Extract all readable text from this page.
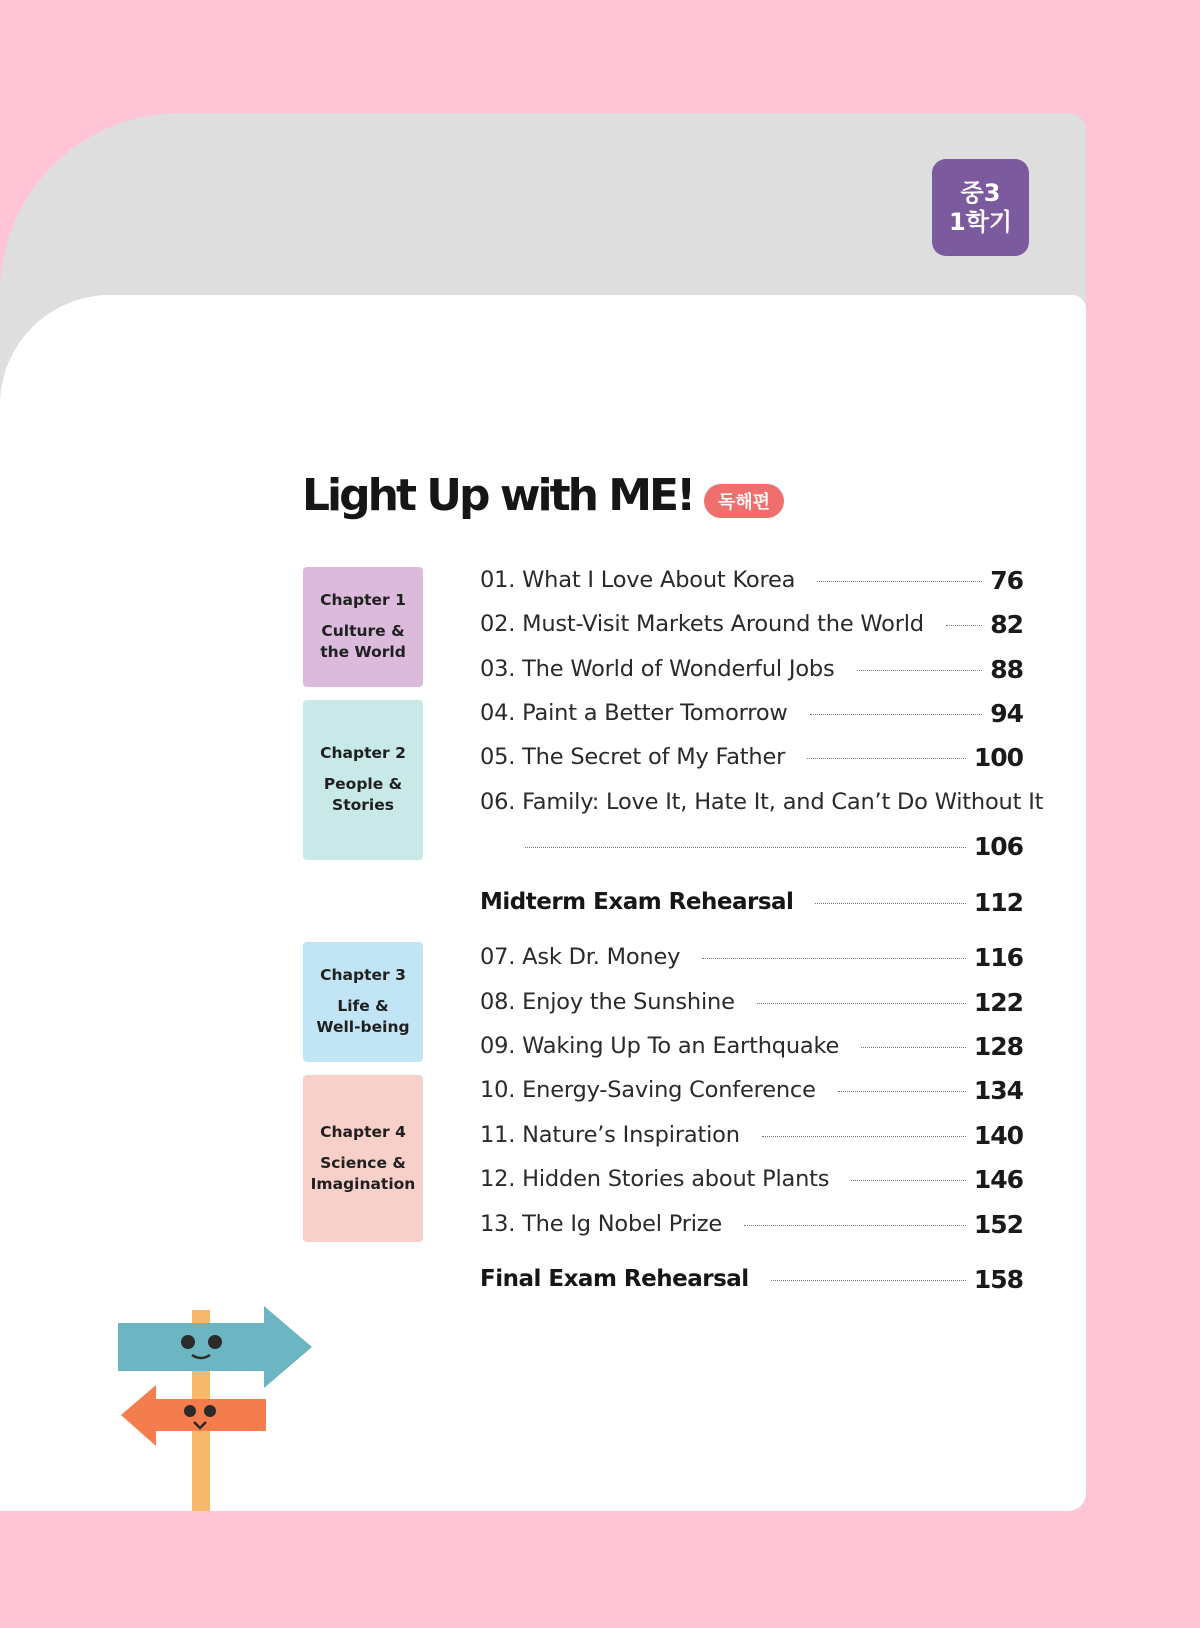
중3
1학기
Light Up with ME!	독해편
Chapter 1
Culture &
the World
Chapter 2
People &
Stories
Chapter 3
Life &
Well-being
Chapter 4
Science &
Imagination
01. What I Love About Korea	76
02. Must-Visit Markets Around the World	82
03. The World of Wonderful Jobs	88
04. Paint a Better Tomorrow	94
05. The Secret of My Father	100
06. Family: Love It, Hate It, and Can’t Do Without It
106
Midterm Exam Rehearsal	112
07. Ask Dr. Money	116
08. Enjoy the Sunshine	122
09. Waking Up To an Earthquake	128
10. Energy-Saving Conference	134
11. Nature’s Inspiration	140
12. Hidden Stories about Plants	146
13. The Ig Nobel Prize	152
Final Exam Rehearsal	158
